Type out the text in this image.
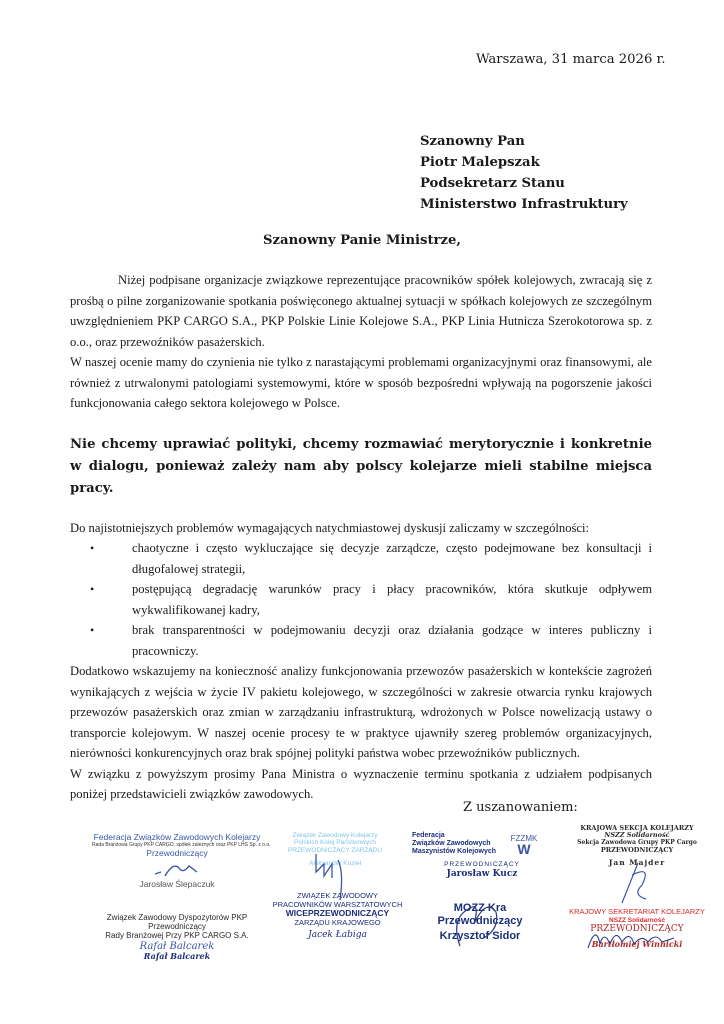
Warszawa, 31 marca 2026 r.
Szanowny Pan
Piotr Malepszak
Podsekretarz Stanu
Ministerstwo Infrastruktury
Szanowny Panie Ministrze,

Niżej podpisane organizacje związkowe reprezentujące pracowników spółek kolejowych, zwracają się z prośbą o pilne zorganizowanie spotkania poświęconego aktualnej sytuacji w spółkach kolejowych ze szczególnym uwzględnieniem PKP CARGO S.A., PKP Polskie Linie Kolejowe S.A., PKP Linia Hutnicza Szerokotorowa sp. z o.o., oraz przewoźników pasażerskich.

W naszej ocenie mamy do czynienia nie tylko z narastającymi problemami organizacyjnymi oraz finansowymi, ale również z utrwalonymi patologiami systemowymi, które w sposób bezpośredni wpływają na pogorszenie jakości funkcjonowania całego sektora kolejowego w Polsce.

Nie chcemy uprawiać polityki, chcemy rozmawiać merytorycznie i konkretnie w dialogu, ponieważ zależy nam aby polscy kolejarze mieli stabilne miejsca pracy.

Do najistotniejszych problemów wymagających natychmiastowej dyskusji zaliczamy w szczególności:

•	chaotyczne i często wykluczające się decyzje zarządcze, często podejmowane bez konsultacji i długofalowej strategii,
•	postępującą degradację warunków pracy i płacy pracowników, która skutkuje odpływem wykwalifikowanej kadry,
•	brak transparentności w podejmowaniu decyzji oraz działania godzące w interes publiczny i pracowniczy.

Dodatkowo wskazujemy na konieczność analizy funkcjonowania przewozów pasażerskich w kontekście zagrożeń wynikających z wejścia w życie IV pakietu kolejowego, w szczególności w zakresie otwarcia rynku krajowych przewozów pasażerskich oraz zmian w zarządzaniu infrastrukturą, wdrożonych w Polsce nowelizacją ustawy o transporcie kolejowym. W naszej ocenie procesy te w praktyce ujawniły szereg problemów organizacyjnych, nierówności konkurencyjnych oraz brak spójnej polityki państwa wobec przewoźników publicznych.

W związku z powyższym prosimy Pana Ministra o wyznaczenie terminu spotkania z udziałem podpisanych poniżej przedstawicieli związków zawodowych.

Z uszanowaniem:
Federacja Związków Zawodowych Kolejarzy
Rada Branżowa Grupy PKP CARGO, spółek zależnych oraz PKP LHS Sp. z o.o.
Przewodniczący
Jarosław Ślepaczuk
Związek Zawodowy Dyspozytorów PKP
Przewodniczący
Rady Branżowej Przy PKP CARGO S.A.
Rafał Balcarek
Rafał Balcarek
Związek Zawodowy Kolejarzy
Polskich Kolej Państwowych
PRZEWODNICZĄCY ZARZĄDU
Aleksander Kozieł
ZWIĄZEK ZAWODOWY
PRACOWNIKÓW WARSZTATOWYCH
WICEPRZEWODNICZĄCY
ZARZĄDU KRAJOWEGO
Jacek Łabiga
Federacja
Związków Zawodowych
Maszynistów Kolejowych
PRZEWODNICZĄCY
Jarosław Kucz
FZZMK
W
MOZZ Kra
Przewodniczący
Krzysztof Sidor
KRAJOWA SEKCJA KOLEJARZY
NSZZ Solidarność
Sekcja Zawodowa Grupy PKP Cargo
PRZEWODNICZĄCY
Jan Majder
KRAJOWY SEKRETARIAT KOLEJARZY
NSZZ Solidarność
PRZEWODNICZĄCY
Bartłomiej Winnicki
